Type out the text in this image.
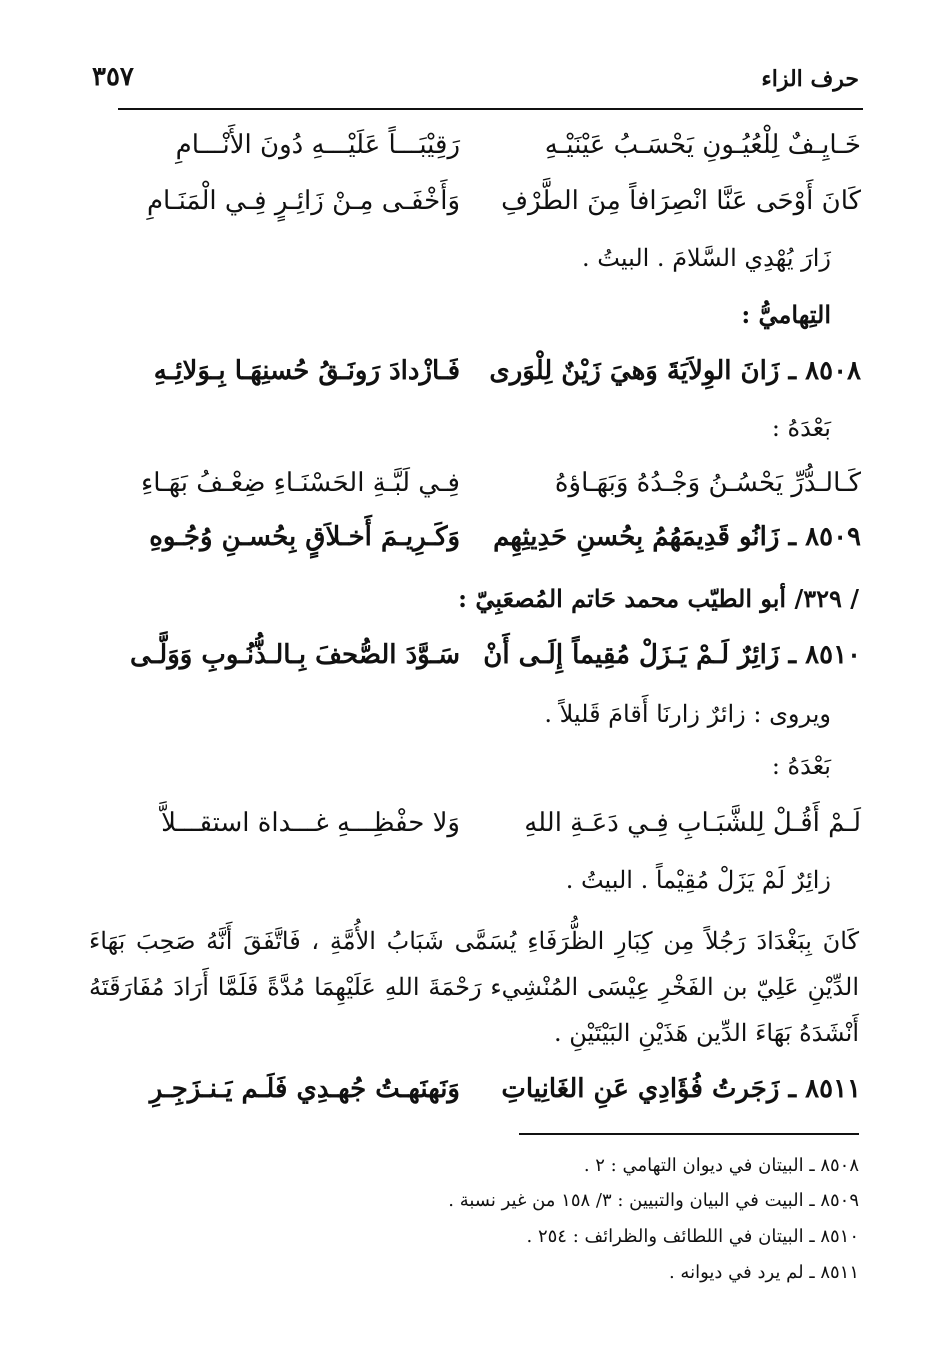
حرف الزاء
٣٥٧
خَـايِـفٌ لِلْعُيُـونِ يَحْسَـبُ عَيْنَيْـهِ
رَقِيْبَـــاً عَلَيْـــهِ دُونَ الأَنْـــامِ
كَانَ أَوْحَى عَنَّا انْصِرَافاً مِنَ الطَّرْفِ
وَأَخْفَـى مِـنْ زَائِـرٍ فِـي الْمَنَـامِ
زَارَ يُهْدِي السَّلامَ . البيتُ .
التِهاميُّ :
٨٥٠٨ ـ زَانَ الوِلاَيَةَ وَهيَ زَيْنٌ لِلْوَرى
فَـازْدادَ رَونَـقُ حُسنِهَـا بِـوَلائِـهِ
بَعْدَهُ :
كَـالـدُّرِّ يَحْسُـنُ وَجْـدُهُ وَبَهَـاؤهُ
فِـي لَبَّـةِ الحَسْنَـاءِ ضِعْـفُ بَهَـاءِ
٨٥٠٩ ـ زَانُو قَدِيمَهُمُ بِحُسنِ حَدِيثِهِم
وَكَـرِيـمَ أَخـلاَقٍ بِحُسـنِ وُجُـوهِ
/ ٣٢٩/ أبو الطيّب محمد حَاتم المُصعَبِيّ :
٨٥١٠ ـ زَائِرٌ لَـمْ يَـزَلْ مُقِيماً إِلَـى أَنْ
سَـوَّدَ الصُّحفَ بِـالـذُّنُـوبِ وَوَلَّـى
ويروى : زائرٌ زارنَا أَقامَ قَليلاً .
بَعْدَهُ :
لَـمْ أَقُـلْ لِلشَّبَـابِ فِـي دَعَـةِ اللهِ
وَلا حفْظِـــهِ غـــداة استقـــلاَّ
زائِرٌ لَمْ يَزَلْ مُقِيْماً . البيتُ .
كَانَ بِبَغْدَادَ رَجُلاً مِن كِبَارِ الظُّرَفَاءِ يُسَمَّى شَبَابُ الأُمَّةِ ، فَاتَّفَقَ أَنَّهُ صَحِبَ بَهَاءَ الدِّيْنِ عَلِيّ بن الفَخْرِ عِيْسَى المُنْشِيء رَحْمَةَ اللهِ عَلَيْهِمَا مُدَّةً فَلَمَّا أَرَادَ مُفَارَقَتَهُ أَنْشَدَهُ بَهَاءَ الدِّين هَذَيْنِ البَيْتَيْنِ .
٨٥١١ ـ زَجَرتُ فُؤَادِي عَنِ الغَانِياتِ
وَنَهنَهـتُ جُهـدِي فَلَـم يَـنـزَجِـرِ
٨٥٠٨ ـ البيتان في ديوان التهامي : ٢ .
٨٥٠٩ ـ البيت في البيان والتبيين : ٣/ ١٥٨ من غير نسبة .
٨٥١٠ ـ البيتان في اللطائف والظرائف : ٢٥٤ .
٨٥١١ ـ لم يرد في ديوانه .
